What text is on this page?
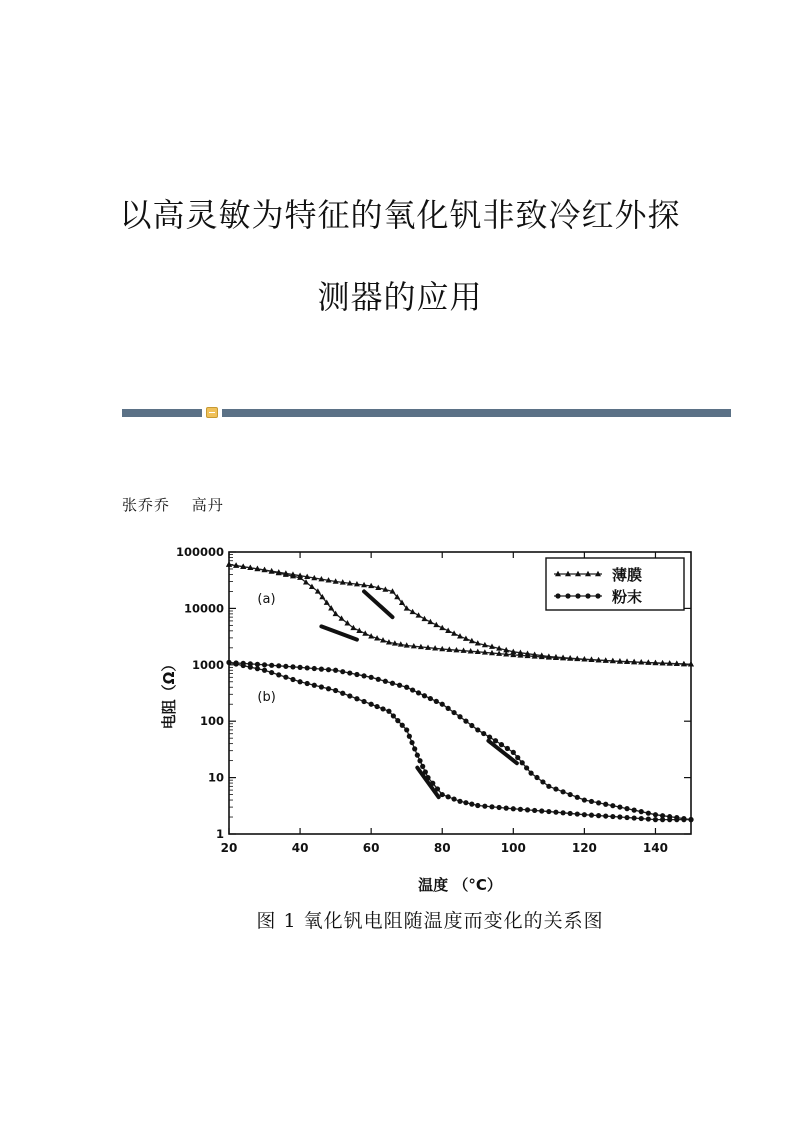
以高灵敏为特征的氧化钒非致冷红外探
测器的应用
张乔乔 高丹
20	40	60	80	100	120	140
1
10
100
1000
10000
100000
温度 （°C）
电阻（Ω）
(a)
(b)
薄膜
粉末
图 1 氧化钒电阻随温度而变化的关系图
